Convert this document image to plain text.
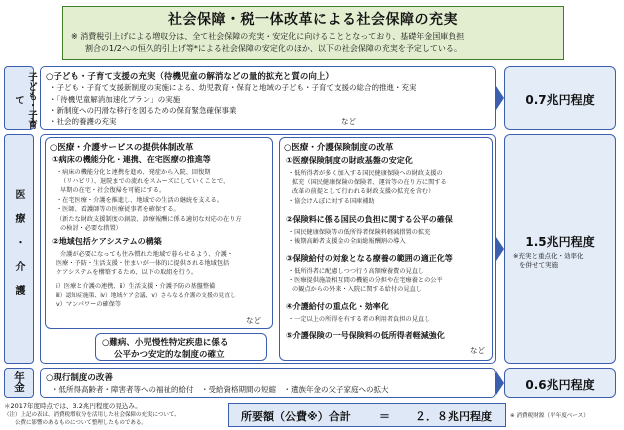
社会保障・税一体改革による社会保障の充実
※ 消費税引上げによる増収分は、全て社会保障の充実・安定化に向けることとなっており、基礎年金国庫負担
割合の1/2への恒久的引上げ等*による社会保障の安定化のほか、以下の社会保障の充実を予定している。
子ども・子育て
○子ども・子育て支援の充実（待機児童の解消などの量的拡充と質の向上）
・子ども・子育て支援新制度の実施による、幼児教育・保育と地域の子ども・子育て支援の総合的推進・充実
・「待機児童解消加速化プラン」の実施
・新制度への円滑な移行を図るための保育緊急確保事業
・社会的養護の充実	など
0.7兆円程度
医療・介護
○医療・介護サービスの提供体制改革
①病床の機能分化・連携、在宅医療の推進等
・病床の機能分化と連携を進め、発症から入院、回復期
（リハビリ）、退院までの流れをスムーズにしていくことで、
早期の在宅・社会復帰を可能にする。
・在宅医療・介護を推進し、地域での生活の継続を支える。
・医師、看護師等の医療従事者を確保する。
（新たな財政支援制度の創設、診療報酬に係る適切な対応の在り方
の検討・必要な措置）
②地域包括ケアシステムの構築
介護が必要になっても住み慣れた地域で暮らせるよう、介護・
医療・予防・生活支援・住まいが一体的に提供される地域包括
ケアシステムを構築するため、以下の取組を行う。
ⅰ）医療と介護の連携、ⅱ）生活支援・介護予防の基盤整備
ⅲ）認知症施策、ⅳ）地域ケア会議、ⅴ）さらなる介護の支援の見直し
ⅴ）マンパワーの確保等
など
○医療・介護保険制度の改革
①医療保険制度の財政基盤の安定化
・低所得者が多く加入する国民健康保険への財政支援の
拡充（国民健康保険の保険者、運営等の在り方に関する
改革の前提として行われる財政支援の拡充を含む）
・協会けんぽに対する国庫補助
②保険料に係る国民の負担に関する公平の確保
・国民健康保険等の低所得者保険料軽減措置の拡充
・後期高齢者支援金の全面総報酬割の導入
③保険給付の対象となる療養の範囲の適正化等
・低所得者に配慮しつつ行う高額療養費の見直し
・医療提供施設相互間の機能の分担や在宅療養との公平
の観点からの外来・入院に関する給付の見直し
④介護給付の重点化・効率化
・一定以上の所得を有する者の利用者負担の見直し
⑤介護保険の一号保険料の低所得者軽減強化
など
○難病、小児慢性特定疾患に係る
公平かつ安定的な制度の確立
1.5兆円程度
※充実と重点化・効率化
を併せて実施
年金 ○現行制度の改善
・低所得高齢者・障害者等への福祉的給付　・受給資格期間の短縮　・遺族年金の父子家庭への拡大	0.6兆円程度
＊2017年度時点では、3.2兆円程度の見込み。
（注）上記の表は、消費税増収分を活用した社会保障の充実について、
　　公費に影響のあるものについて整理したものである。	所要額（公費※）合計	＝ ２．８兆円程度	※ 消費税財源（平年度ベース）
